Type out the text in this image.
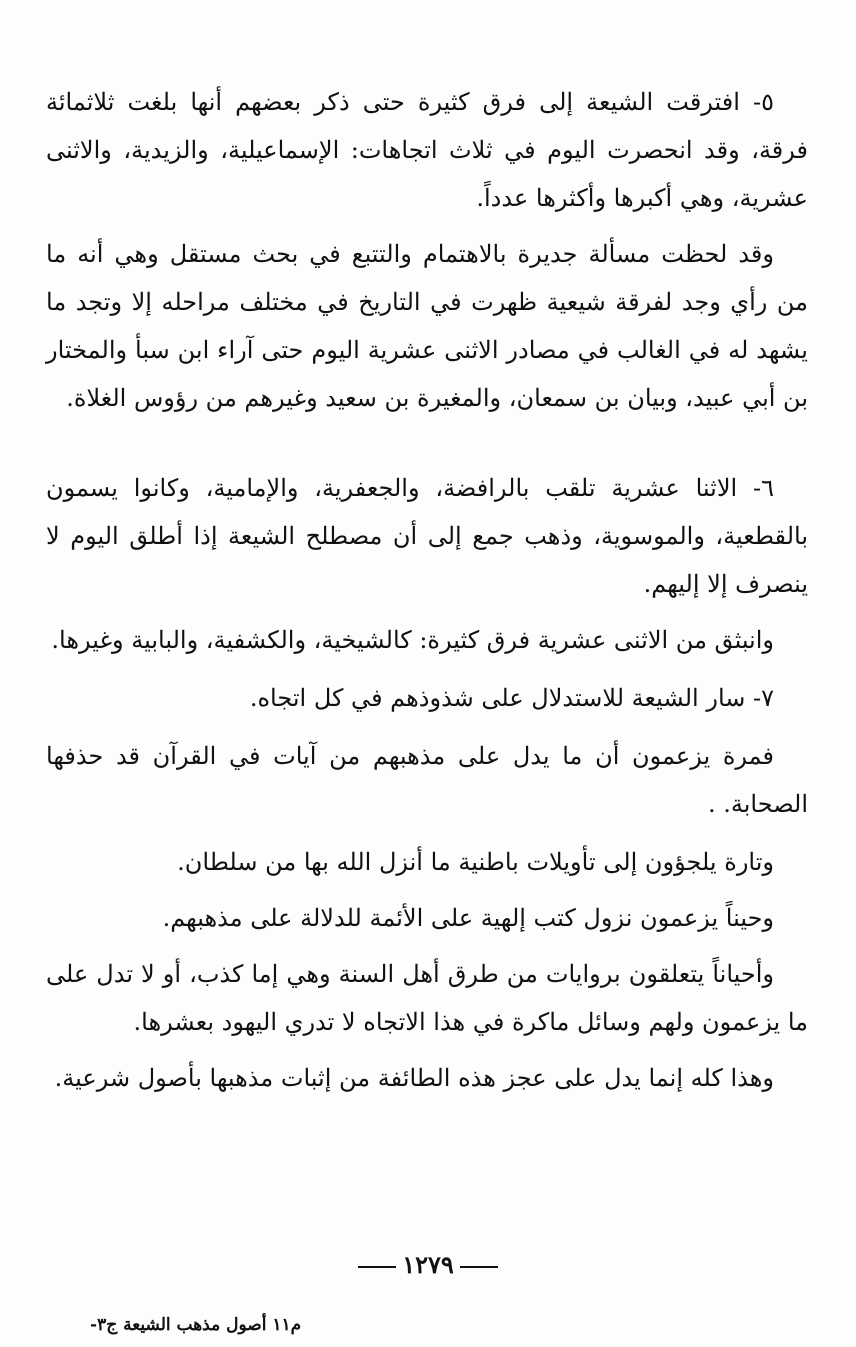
٥- افترقت الشيعة إلى فرق كثيرة حتى ذكر بعضهم أنها بلغت ثلاثمائة فرقة، وقد انحصرت اليوم في ثلاث اتجاهات: الإسماعيلية، والزيدية، والاثنى عشرية، وهي أكبرها وأكثرها عدداً.

وقد لحظت مسألة جديرة بالاهتمام والتتبع في بحث مستقل وهي أنه ما من رأي وجد لفرقة شيعية ظهرت في التاريخ في مختلف مراحله إلا وتجد ما يشهد له في الغالب في مصادر الاثنى عشرية اليوم حتى آراء ابن سبأ والمختار بن أبي عبيد، وبيان بن سمعان، والمغيرة بن سعيد وغيرهم من رؤوس الغلاة.

٦- الاثنا عشرية تلقب بالرافضة، والجعفرية، والإمامية، وكانوا يسمون بالقطعية، والموسوية، وذهب جمع إلى أن مصطلح الشيعة إذا أطلق اليوم لا ينصرف إلا إليهم.

وانبثق من الاثنى عشرية فرق كثيرة: كالشيخية، والكشفية، والبابية وغيرها.

٧- سار الشيعة للاستدلال على شذوذهم في كل اتجاه.

فمرة يزعمون أن ما يدل على مذهبهم من آيات في القرآن قد حذفها الصحابة. .

وتارة يلجؤون إلى تأويلات باطنية ما أنزل الله بها من سلطان.

وحيناً يزعمون نزول كتب إلهية على الأئمة للدلالة على مذهبهم.

وأحياناً يتعلقون بروايات من طرق أهل السنة وهي إما كذب، أو لا تدل على ما يزعمون ولهم وسائل ماكرة في هذا الاتجاه لا تدري اليهود بعشرها.

وهذا كله إنما يدل على عجز هذه الطائفة من إثبات مذهبها بأصول شرعية.

١٢٧٩
م١١ أصول مذهب الشيعة ج٣-
